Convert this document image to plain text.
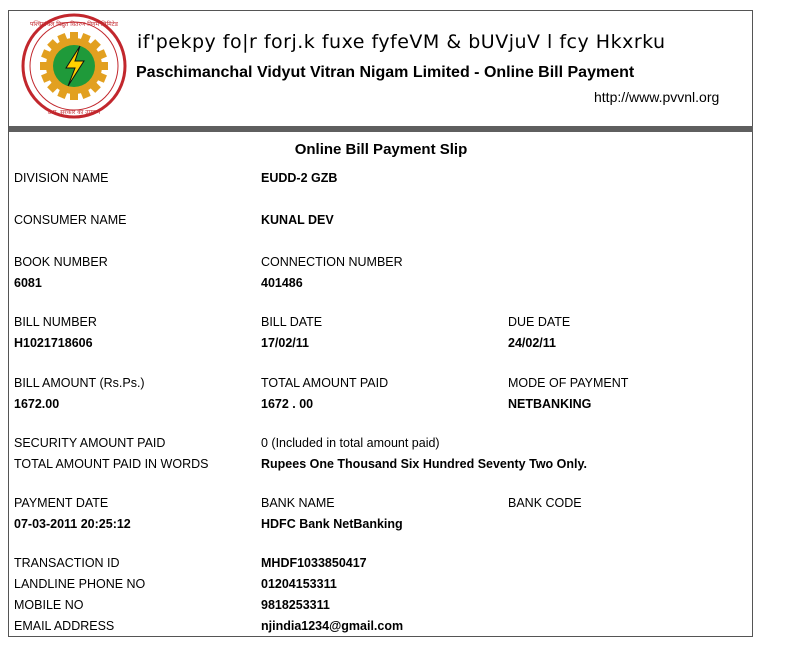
पश्चिमांचल विद्युत वितरण निगम लिमिटेड
उ.प्र. सरकार का उपक्रम
if'pekpy fo|r forj.k fuxe fyfeVM & bUVjuV l fcy Hkxrku
Paschimanchal Vidyut Vitran Nigam Limited - Online Bill Payment
http://www.pvvnl.org
Online Bill Payment Slip
DIVISION NAME	EUDD-2 GZB
CONSUMER NAME	KUNAL DEV
BOOK NUMBER	CONNECTION NUMBER
6081	401486
BILL NUMBER	BILL DATE	DUE DATE
H1021718606	17/02/11	24/02/11
BILL AMOUNT (Rs.Ps.)	TOTAL AMOUNT PAID	MODE OF PAYMENT
1672.00	1672 . 00	NETBANKING
SECURITY AMOUNT PAID	0 (Included in total amount paid)
TOTAL AMOUNT PAID IN WORDS	Rupees One Thousand Six Hundred Seventy Two Only.
PAYMENT DATE	BANK NAME	BANK CODE
07-03-2011 20:25:12	HDFC Bank NetBanking
TRANSACTION ID	MHDF1033850417
LANDLINE PHONE NO	01204153311
MOBILE NO	9818253311
EMAIL ADDRESS	njindia1234@gmail.com
